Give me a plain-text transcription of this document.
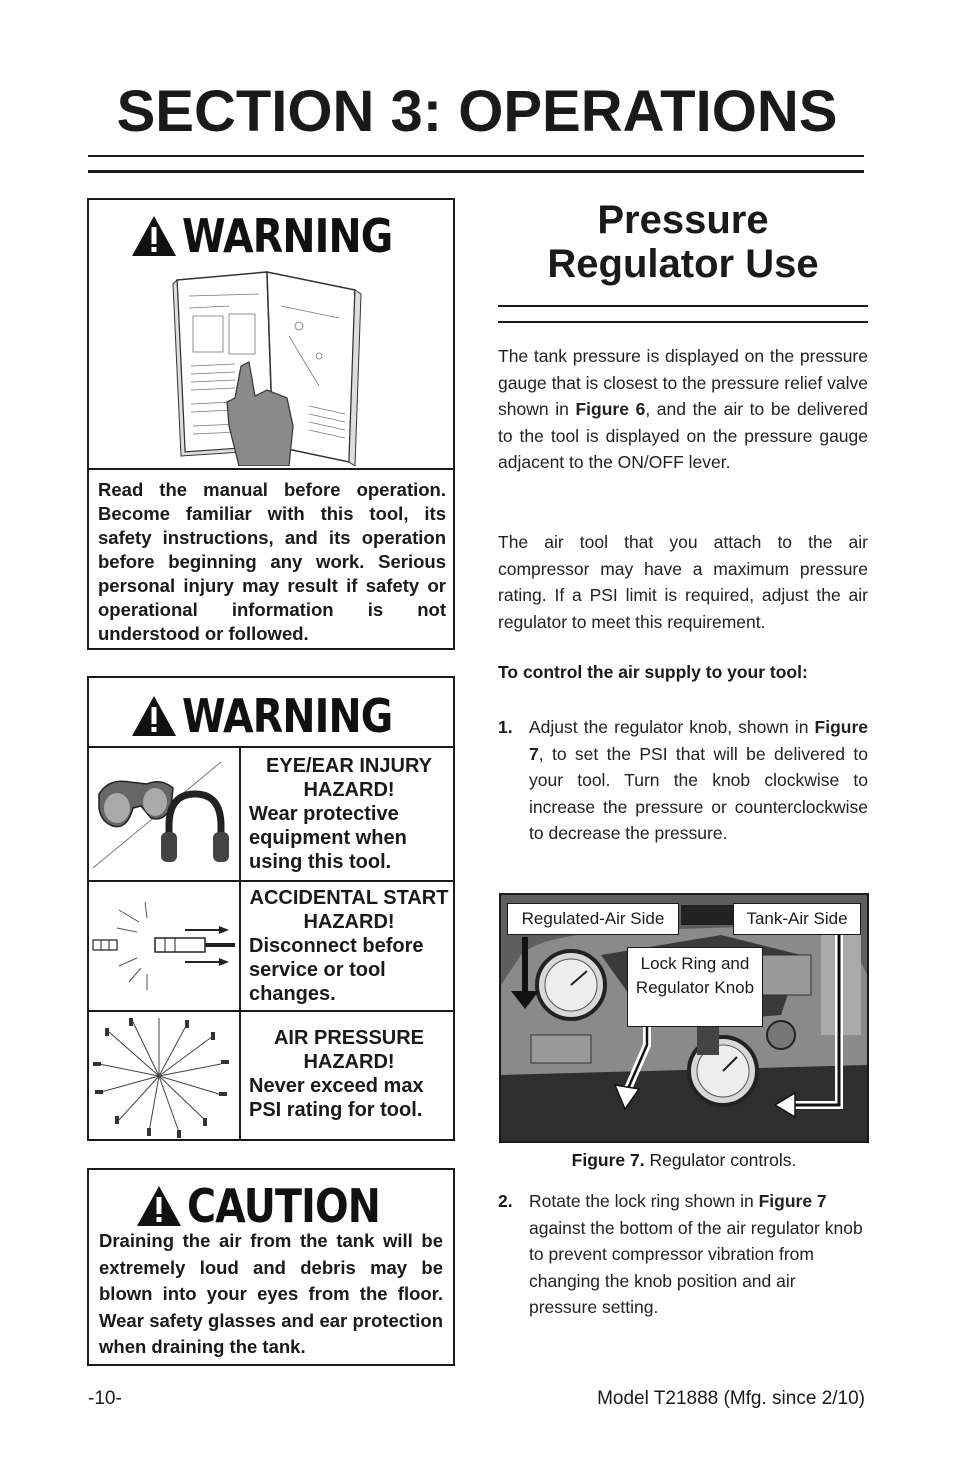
SECTION 3: OPERATIONS
WARNING
Read the manual before operation. Become familiar with this tool, its safety instructions, and its operation before beginning any work. Serious personal injury may result if safety or operational information is not understood or followed.
WARNING
EYE/EAR INJURY HAZARD!
Wear protective equipment when using this tool.
ACCIDENTAL START HAZARD!
Disconnect before service or tool changes.
AIR PRESSURE HAZARD!
Never exceed max PSI rating for tool.
CAUTION
Draining the air from the tank will be extremely loud and debris may be blown into your eyes from the floor. Wear safety glasses and ear protection when draining the tank.
Pressure
Regulator Use
The tank pressure is displayed on the pressure gauge that is closest to the pressure relief valve shown in Figure 6, and the air to be delivered to the tool is displayed on the pressure gauge adjacent to the ON/OFF lever.
The air tool that you attach to the air compressor may have a maximum pressure rating. If a PSI limit is required, adjust the air regulator to meet this requirement.
To control the air supply to your tool:
1. Adjust the regulator knob, shown in Figure 7, to set the PSI that will be delivered to your tool. Turn the knob clockwise to increase the pressure or counterclockwise to decrease the pressure.
Regulated-Air Side	Tank-Air Side
Lock Ring and Regulator Knob
Figure 7. Regulator controls.
2. Rotate the lock ring shown in Figure 7 against the bottom of the air regulator knob to prevent compressor vibration from changing the knob position and air pressure setting.
-10-	Model T21888 (Mfg. since 2/10)
